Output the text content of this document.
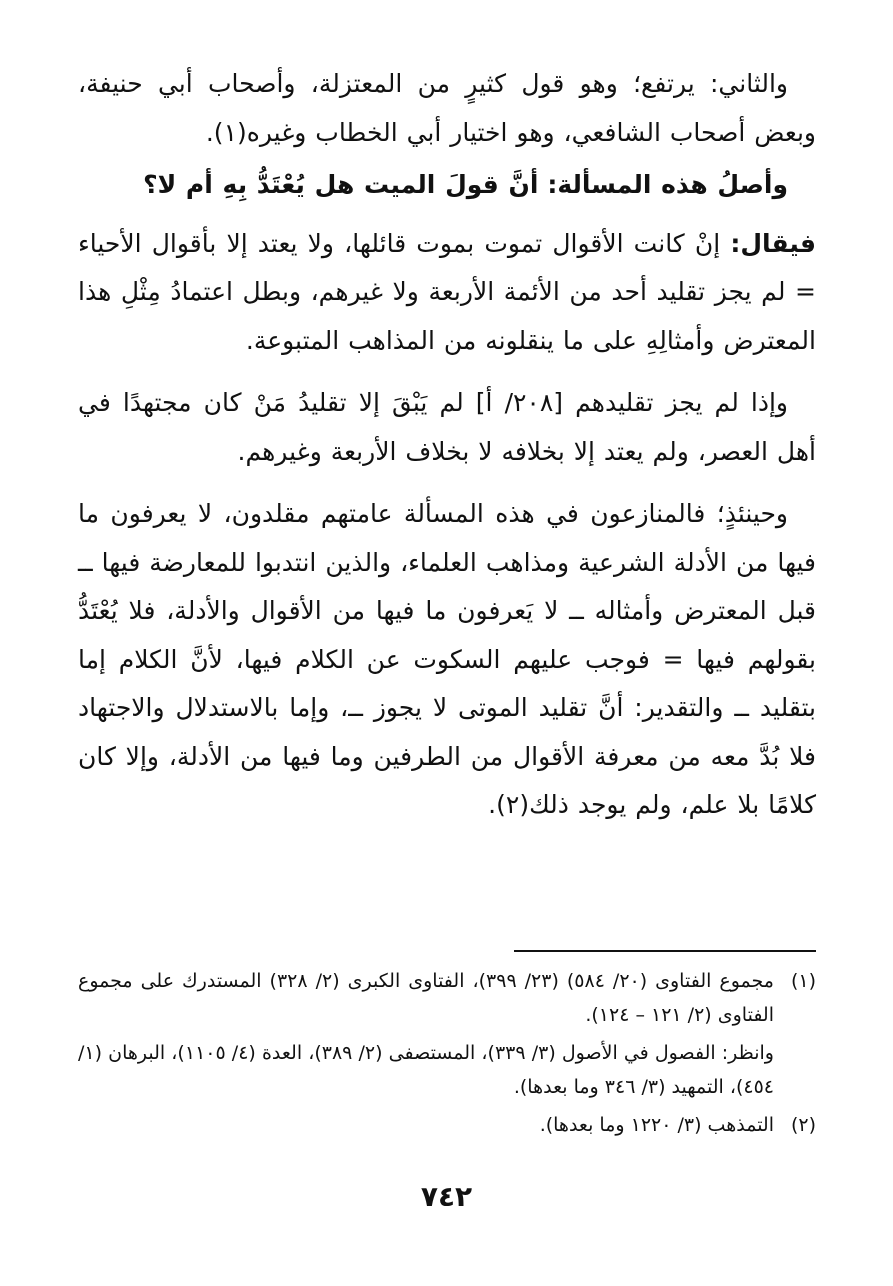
والثاني: يرتفع؛ وهو قول كثيرٍ من المعتزلة، وأصحاب أبي حنيفة، وبعض أصحاب الشافعي، وهو اختيار أبي الخطاب وغيره(١).

وأصلُ هذه المسألة: أنَّ قولَ الميت هل يُعْتَدُّ بِهِ أم لا؟

فيقال: إنْ كانت الأقوال تموت بموت قائلها، ولا يعتد إلا بأقوال الأحياء = لم يجز تقليد أحد من الأئمة الأربعة ولا غيرهم، وبطل اعتمادُ مِثْلِ هذا المعترض وأمثالِهِ على ما ينقلونه من المذاهب المتبوعة.

وإذا لم يجز تقليدهم [٢٠٨/ أ] لم يَبْقَ إلا تقليدُ مَنْ كان مجتهدًا في أهل العصر، ولم يعتد إلا بخلافه لا بخلاف الأربعة وغيرهم.

وحينئذٍ؛ فالمنازعون في هذه المسألة عامتهم مقلدون، لا يعرفون ما فيها من الأدلة الشرعية ومذاهب العلماء، والذين انتدبوا للمعارضة فيها ــ قبل المعترض وأمثاله ــ لا يَعرفون ما فيها من الأقوال والأدلة، فلا يُعْتَدُّ بقولهم فيها = فوجب عليهم السكوت عن الكلام فيها، لأنَّ الكلام إما بتقليد ــ والتقدير: أنَّ تقليد الموتى لا يجوز ــ، وإما بالاستدلال والاجتهاد فلا بُدَّ معه من معرفة الأقوال من الطرفين وما فيها من الأدلة، وإلا كان كلامًا بلا علم، ولم يوجد ذلك(٢).

(١)
مجموع الفتاوى (٢٠/ ٥٨٤) (٢٣/ ٣٩٩)، الفتاوى الكبرى (٢/ ٣٢٨) المستدرك على مجموع الفتاوى (٢/ ١٢١ – ١٢٤).

وانظر: الفصول في الأصول (٣/ ٣٣٩)، المستصفى (٢/ ٣٨٩)، العدة (٤/ ١١٠٥)، البرهان (١/ ٤٥٤)، التمهيد (٣/ ٣٤٦ وما بعدها).

(٢)
التمذهب (٣/ ١٢٢٠ وما بعدها).

٧٤٢
